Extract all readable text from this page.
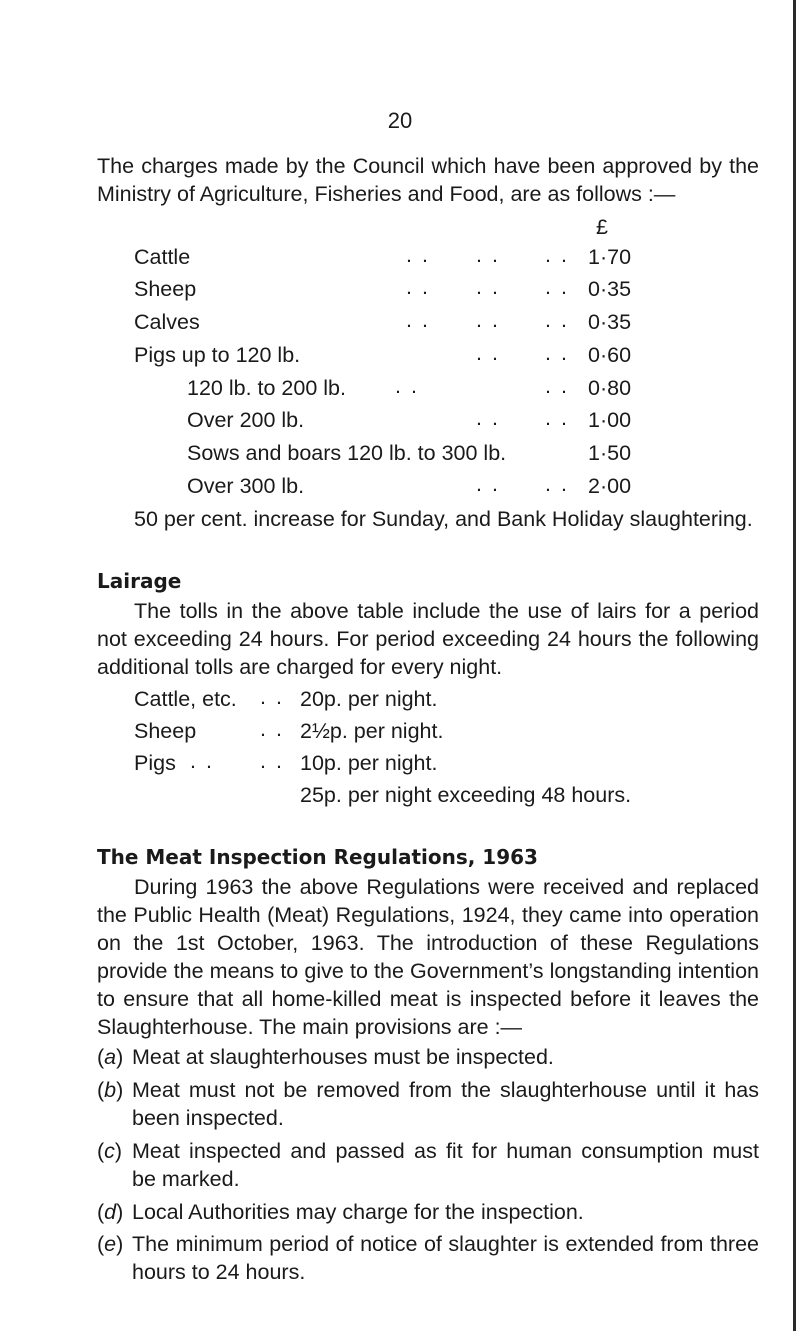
20

The charges made by the Council which have been approved by the Ministry of Agriculture, Fisheries and Food, are as follows :—

£
Cattle	. . . . . . 1·70
Sheep	. . . . . . 0·35
Calves	. . . . . . 0·35
Pigs up to 120 lb.	. . . . 0·60
120 lb. to 200 lb. . .	. . 0·80
Over 200 lb.	. . . . 1·00
Sows and boars 120 lb. to 300 lb.	1·50
Over 300 lb.	. . . . 2·00
50 per cent. increase for Sunday, and Bank Holiday slaughtering.
Lairage

The tolls in the above table include the use of lairs for a period not exceeding 24 hours. For period exceeding 24 hours the following additional tolls are charged for every night.

Cattle, etc. . . 20p. per night.
Sheep	. . 2½p. per night.
Pigs . . . . 10p. per night.
25p. per night exceeding 48 hours.
The Meat Inspection Regulations, 1963

During 1963 the above Regulations were received and replaced the Public Health (Meat) Regulations, 1924, they came into operation on the 1st October, 1963. The introduction of these Regulations provide the means to give to the Government’s longstanding intention to ensure that all home-killed meat is inspected before it leaves the Slaughterhouse. The main provisions are :—

(a) Meat at slaughterhouses must be inspected.
(b) Meat must not be removed from the slaughterhouse until it has been inspected.
(c) Meat inspected and passed as fit for human consumption must be marked.
(d) Local Authorities may charge for the inspection.
(e) The minimum period of notice of slaughter is extended from three hours to 24 hours.
